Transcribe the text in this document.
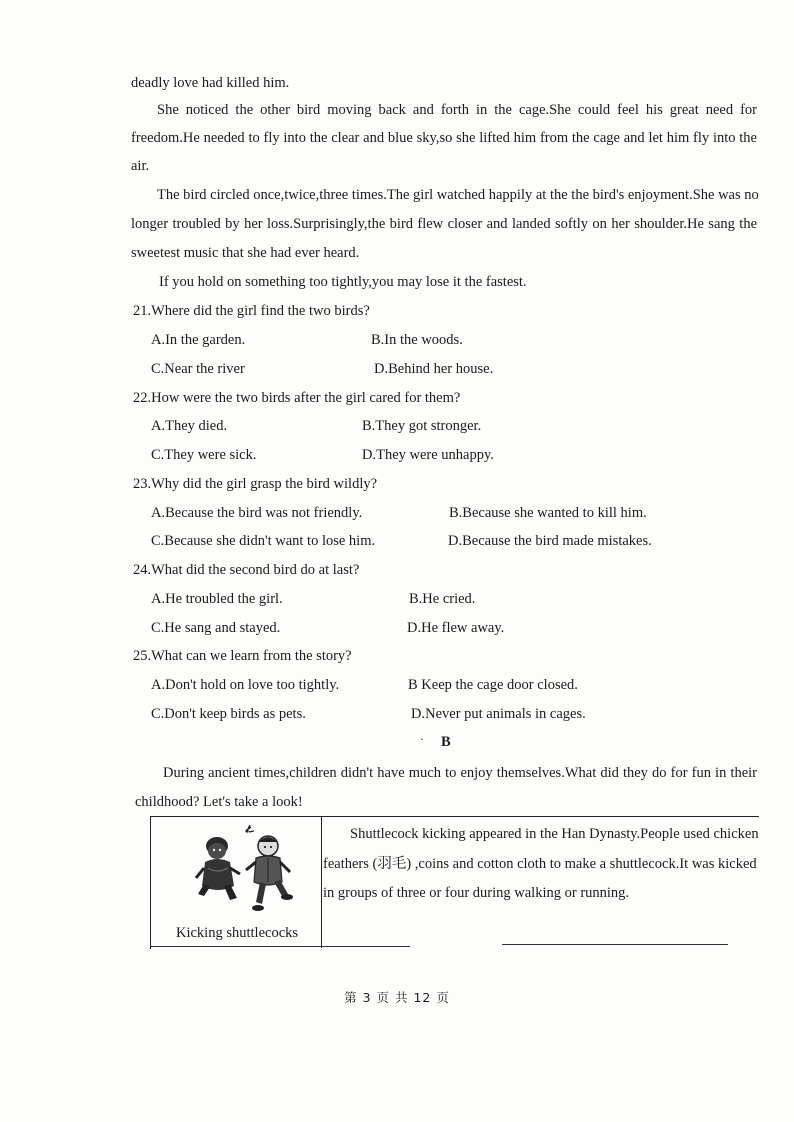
deadly love had killed him.
She noticed the other bird moving back and forth in the cage.She could feel his great need for
freedom.He needed to fly into the clear and blue sky,so she lifted him from the cage and let him fly into the
air.
The bird circled once,twice,three times.The girl watched happily at the the bird's enjoyment.She was no
longer troubled by her loss.Surprisingly,the bird flew closer and landed softly on her shoulder.He sang the
sweetest music that she had ever heard.
If you hold on something too tightly,you may lose it the fastest.
21.Where did the girl find the two birds?
A.In the garden.	B.In the woods.
C.Near the river	D.Behind her house.
22.How were the two birds after the girl cared for them?
A.They died.	B.They got stronger.
C.They were sick.	D.They were unhappy.
23.Why did the girl grasp the bird wildly?
A.Because the bird was not friendly.	B.Because she wanted to kill him.
C.Because she didn't want to lose him.	D.Because the bird made mistakes.
24.What did the second bird do at last?
A.He troubled the girl.	B.He cried.
C.He sang and stayed.	D.He flew away.
25.What can we learn from the story?
A.Don't hold on love too tightly.	B Keep the cage door closed.
C.Don't keep birds as pets.	D.Never put animals in cages.
· B
During ancient times,children didn't have much to enjoy themselves.What did they do for fun in their
childhood? Let's take a look!
Kicking shuttlecocks
Shuttlecock kicking appeared in the Han Dynasty.People used chicken
feathers (羽毛) ,coins and cotton cloth to make a shuttlecock.It was kicked
in groups of three or four during walking or running.
第 3 页 共 12 页
